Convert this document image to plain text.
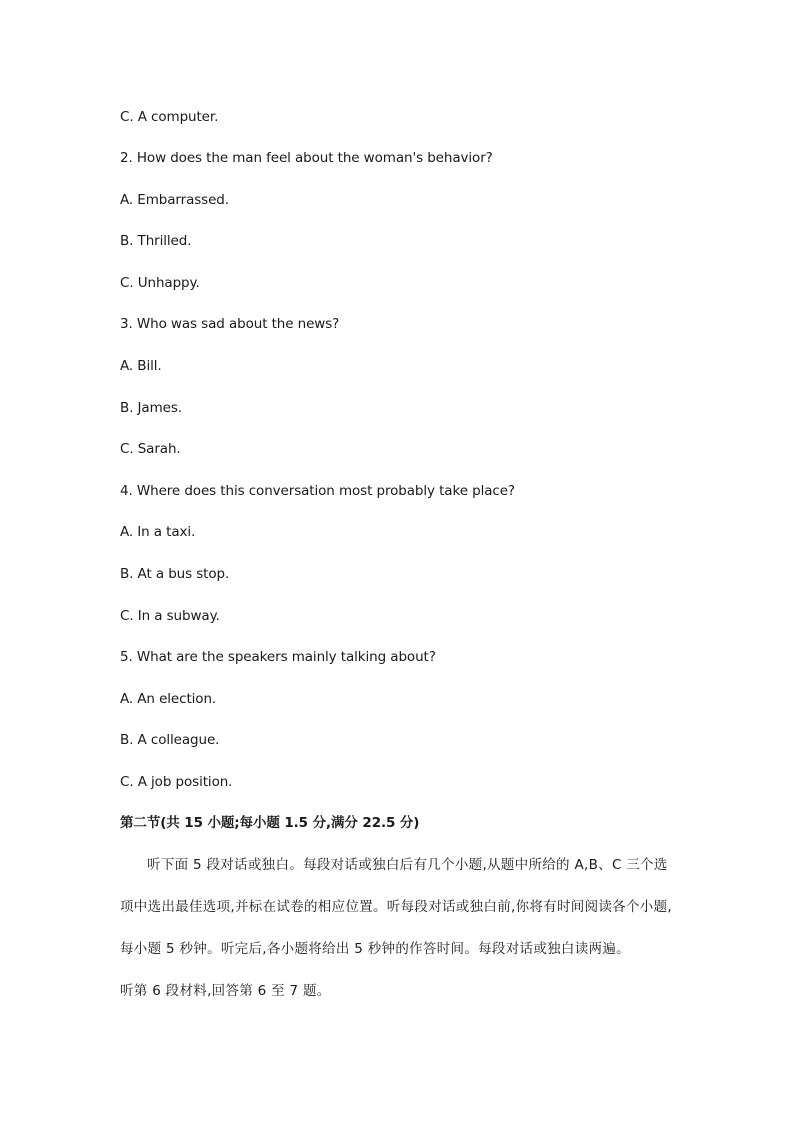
C. A computer.
2. How does the man feel about the woman's behavior?
A. Embarrassed.
B. Thrilled.
C. Unhappy.
3. Who was sad about the news?
A. Bill.
B. James.
C. Sarah.
4. Where does this conversation most probably take place?
A. In a taxi.
B. At a bus stop.
C. In a subway.
5. What are the speakers mainly talking about?
A. An election.
B. A colleague.
C. A job position.
第二节(共 15 小题;每小题 1.5 分,满分 22.5 分)
听下面 5 段对话或独白。每段对话或独白后有几个小题,从题中所给的 A,B、C 三个选
项中选出最佳选项,并标在试卷的相应位置。听每段对话或独白前,你将有时间阅读各个小题,
每小题 5 秒钟。听完后,各小题将给出 5 秒钟的作答时间。每段对话或独白读两遍。
听第 6 段材料,回答第 6 至 7 题。
